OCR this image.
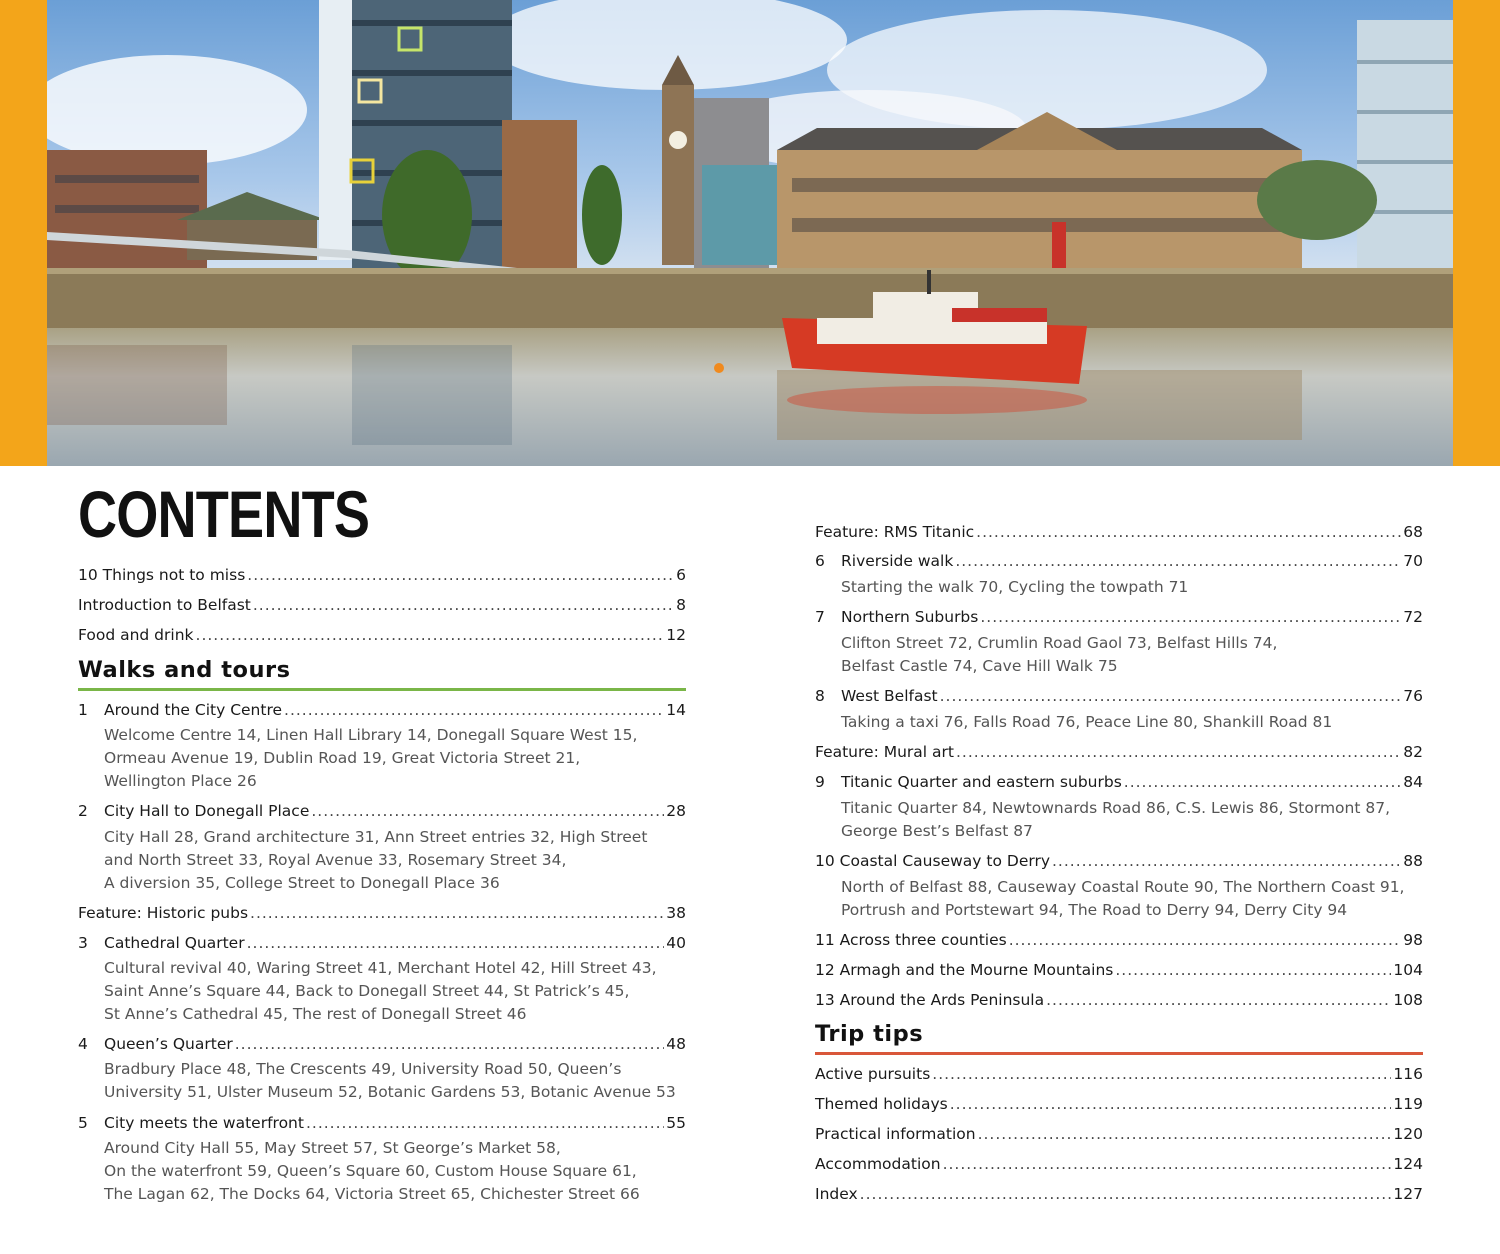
CONTENTS
10 Things not to miss .....	6
Introduction to Belfast .....	8
Food and drink .....	12
Walks and tours
1	Around the City Centre .....	14
Welcome Centre 14, Linen Hall Library 14, Donegall Square West 15,
Ormeau Avenue 19, Dublin Road 19, Great Victoria Street 21,
Wellington Place 26
2	City Hall to Donegall Place .....	28
City Hall 28, Grand architecture 31, Ann Street entries 32, High Street
and North Street 33, Royal Avenue 33, Rosemary Street 34,
A diversion 35, College Street to Donegall Place 36
Feature: Historic pubs .....	38
3	Cathedral Quarter .....	40
Cultural revival 40, Waring Street 41, Merchant Hotel 42, Hill Street 43,
Saint Anne’s Square 44, Back to Donegall Street 44, St Patrick’s 45,
St Anne’s Cathedral 45, The rest of Donegall Street 46
4	Queen’s Quarter .....	48
Bradbury Place 48, The Crescents 49, University Road 50, Queen’s
University 51, Ulster Museum 52, Botanic Gardens 53, Botanic Avenue 53
5	City meets the waterfront .....	55
Around City Hall 55, May Street 57, St George’s Market 58,
On the waterfront 59, Queen’s Square 60, Custom House Square 61,
The Lagan 62, The Docks 64, Victoria Street 65, Chichester Street 66
Feature: RMS Titanic .....	68
6	Riverside walk .....	70
Starting the walk 70, Cycling the towpath 71
7	Northern Suburbs .....	72
Clifton Street 72, Crumlin Road Gaol 73, Belfast Hills 74,
Belfast Castle 74, Cave Hill Walk 75
8	West Belfast .....	76
Taking a taxi 76, Falls Road 76, Peace Line 80, Shankill Road 81
Feature: Mural art .....	82
9	Titanic Quarter and eastern suburbs .....	84
Titanic Quarter 84, Newtownards Road 86, C.S. Lewis 86, Stormont 87,
George Best’s Belfast 87
10 Coastal Causeway to Derry .....	88
North of Belfast 88, Causeway Coastal Route 90, The Northern Coast 91,
Portrush and Portstewart 94, The Road to Derry 94, Derry City 94
11 Across three counties .....	98
12 Armagh and the Mourne Mountains .....	104
13 Around the Ards Peninsula .....	108
Trip tips
Active pursuits .....	116
Themed holidays .....	119
Practical information .....	120
Accommodation .....	124
Index .....	127
